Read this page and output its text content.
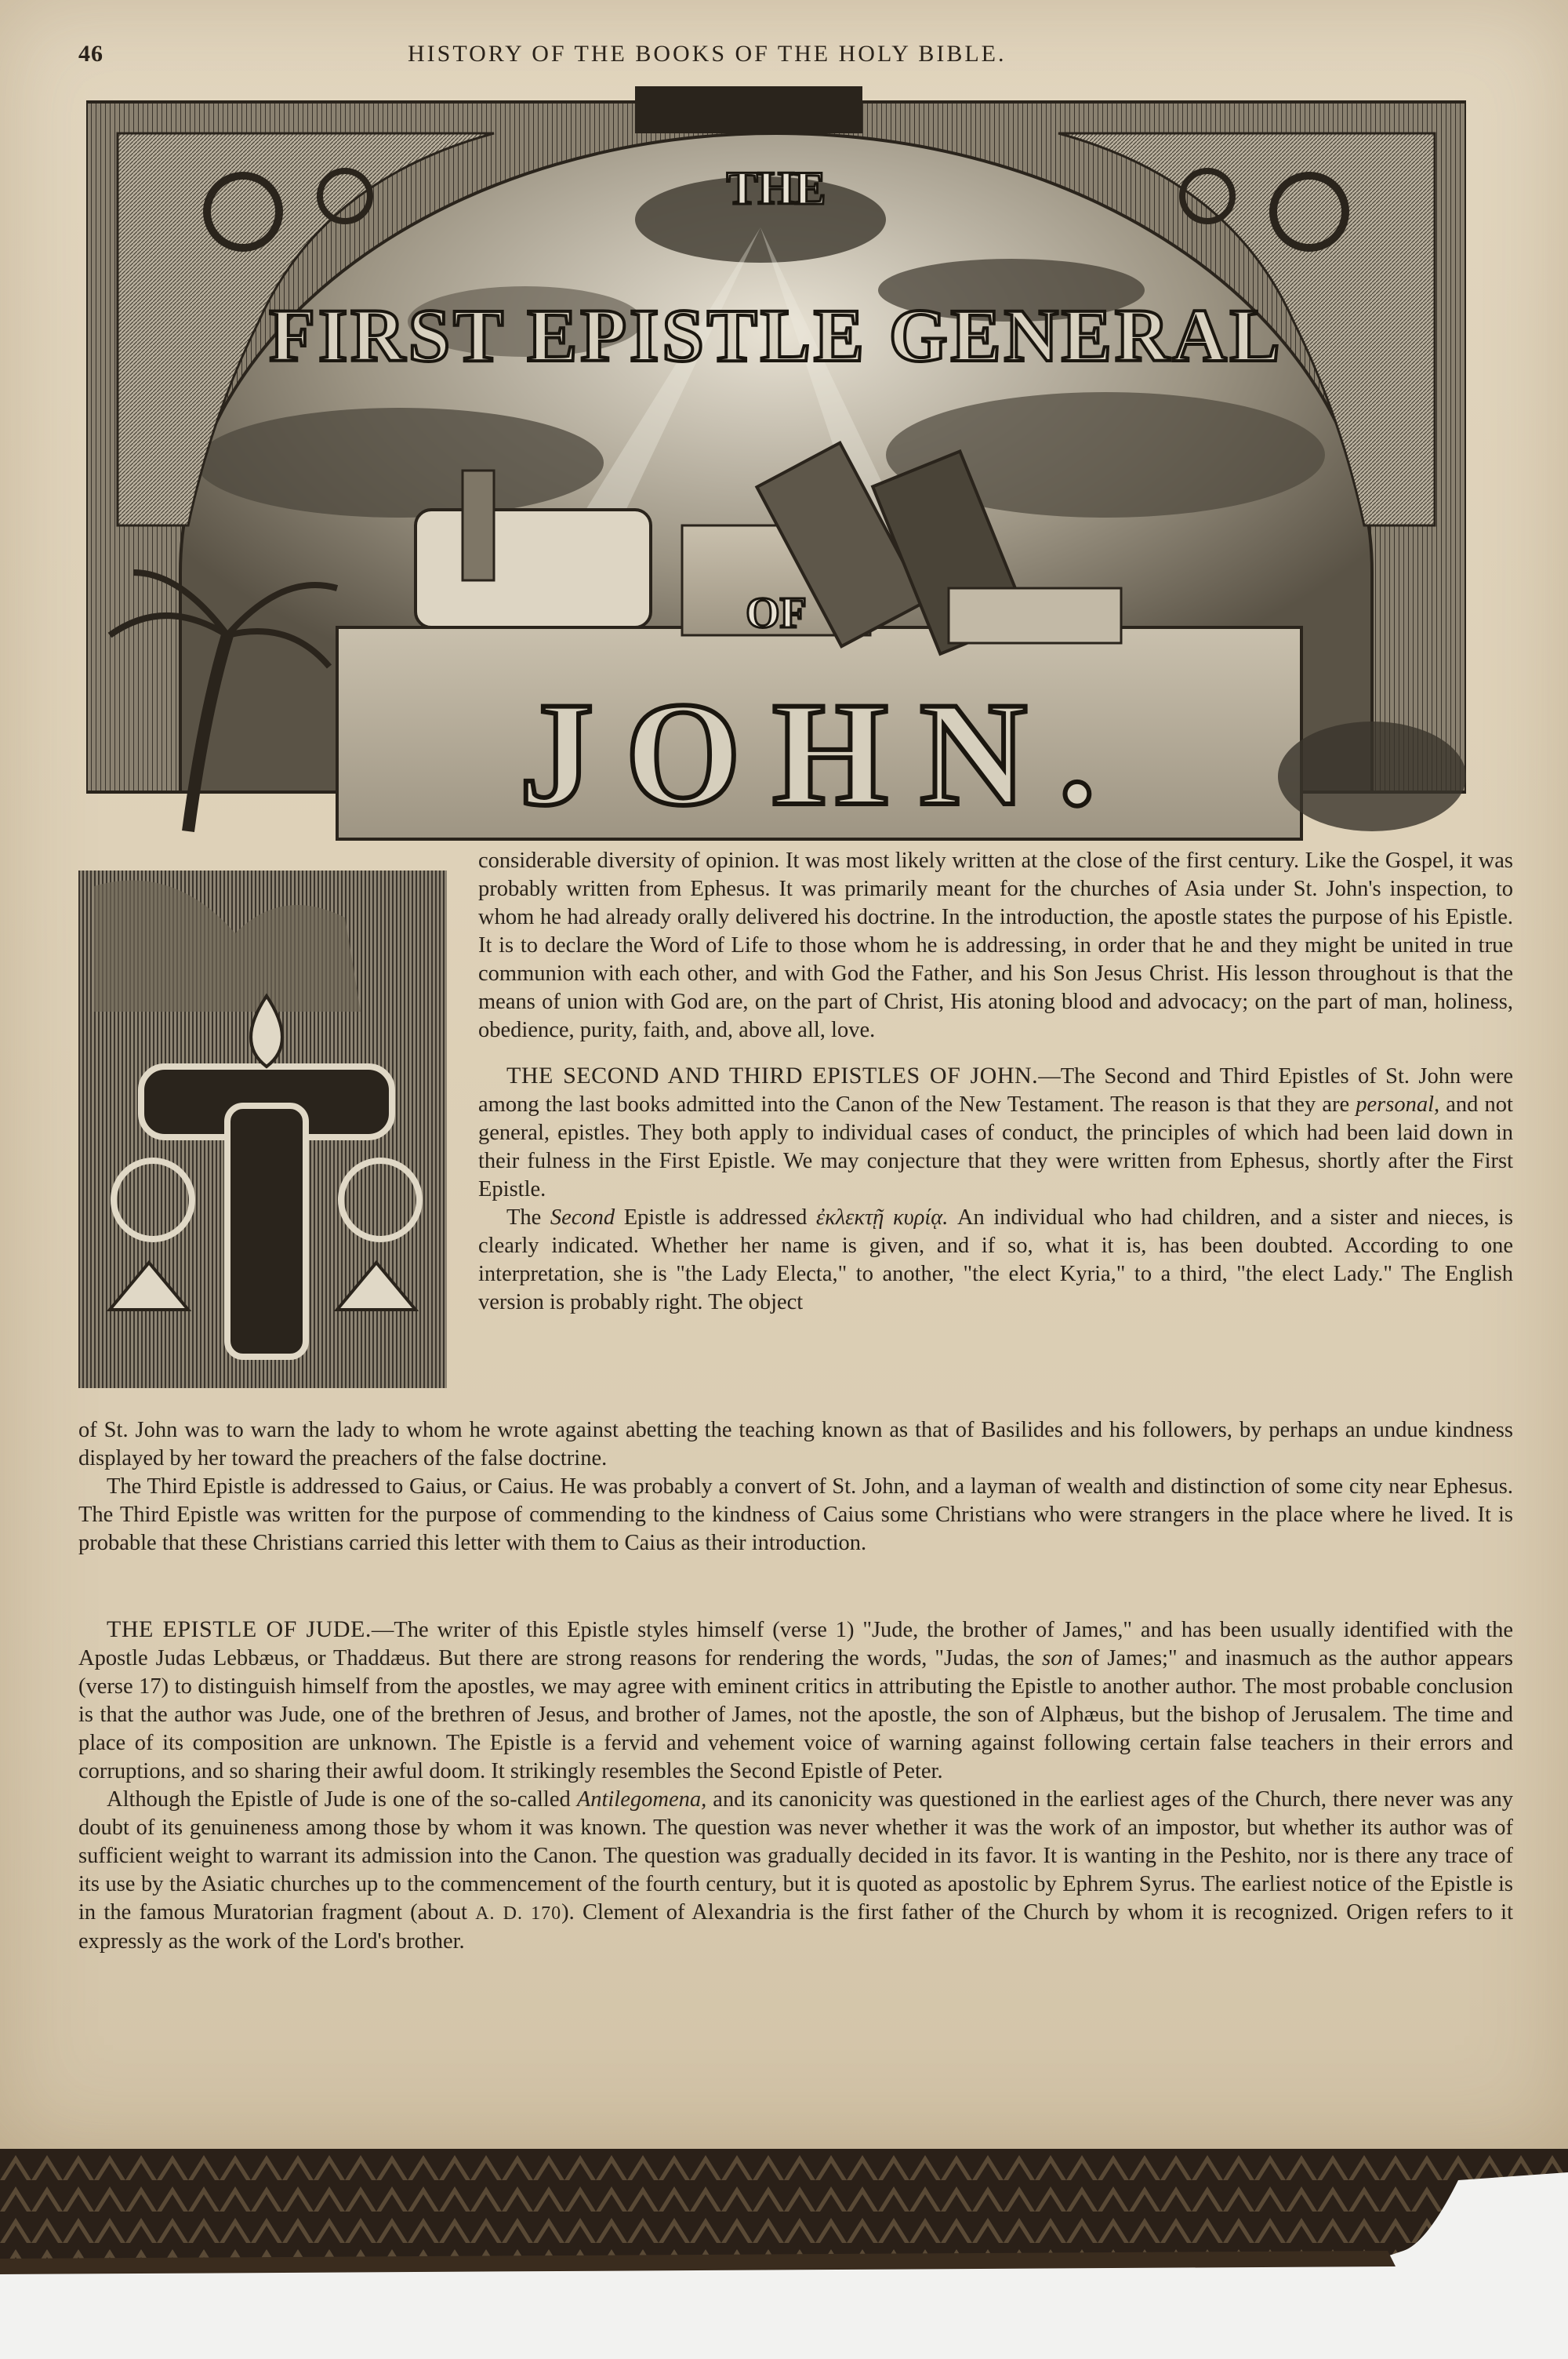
46	HISTORY OF THE BOOKS OF THE HOLY BIBLE.
THE
FIRST EPISTLE GENERAL
OF
JOHN.

considerable diversity of opinion. It was most likely written at the close of the first century. Like the Gospel, it was probably written from Ephesus. It was primarily meant for the churches of Asia under St. John's inspection, to whom he had already orally delivered his doctrine. In the introduction, the apostle states the purpose of his Epistle. It is to declare the Word of Life to those whom he is addressing, in order that he and they might be united in true communion with each other, and with God the Father, and his Son Jesus Christ. His lesson throughout is that the means of union with God are, on the part of Christ, His atoning blood and advocacy; on the part of man, holiness, obedience, purity, faith, and, above all, love.

THE SECOND AND THIRD EPISTLES OF JOHN.—The Second and Third Epistles of St. John were among the last books admitted into the Canon of the New Testament. The reason is that they are personal, and not general, epistles. They both apply to individual cases of conduct, the principles of which had been laid down in their fulness in the First Epistle. We may conjecture that they were written from Ephesus, shortly after the First Epistle.

The Second Epistle is addressed ἐκλεκτῇ κυρίᾳ. An individual who had children, and a sister and nieces, is clearly indicated. Whether her name is given, and if so, what it is, has been doubted. According to one interpretation, she is "the Lady Electa," to another, "the elect Kyria," to a third, "the elect Lady." The English version is probably right. The object

of St. John was to warn the lady to whom he wrote against abetting the teaching known as that of Basilides and his followers, by perhaps an undue kindness displayed by her toward the preachers of the false doctrine.

The Third Epistle is addressed to Gaius, or Caius. He was probably a convert of St. John, and a layman of wealth and distinction of some city near Ephesus. The Third Epistle was written for the purpose of commending to the kindness of Caius some Christians who were strangers in the place where he lived. It is probable that these Christians carried this letter with them to Caius as their introduction.

THE EPISTLE OF JUDE.—The writer of this Epistle styles himself (verse 1) "Jude, the brother of James," and has been usually identified with the Apostle Judas Lebbæus, or Thaddæus. But there are strong reasons for rendering the words, "Judas, the son of James;" and inasmuch as the author appears (verse 17) to distinguish himself from the apostles, we may agree with eminent critics in attributing the Epistle to another author. The most probable conclusion is that the author was Jude, one of the brethren of Jesus, and brother of James, not the apostle, the son of Alphæus, but the bishop of Jerusalem. The time and place of its composition are unknown. The Epistle is a fervid and vehement voice of warning against following certain false teachers in their errors and corruptions, and so sharing their awful doom. It strikingly resembles the Second Epistle of Peter.

Although the Epistle of Jude is one of the so-called Antilegomena, and its canonicity was questioned in the earliest ages of the Church, there never was any doubt of its genuineness among those by whom it was known. The question was never whether it was the work of an impostor, but whether its author was of sufficient weight to warrant its admission into the Canon. The question was gradually decided in its favor. It is wanting in the Peshito, nor is there any trace of its use by the Asiatic churches up to the commencement of the fourth century, but it is quoted as apostolic by Ephrem Syrus. The earliest notice of the Epistle is in the famous Muratorian fragment (about A. D. 170). Clement of Alexandria is the first father of the Church by whom it is recognized. Origen refers to it expressly as the work of the Lord's brother.
